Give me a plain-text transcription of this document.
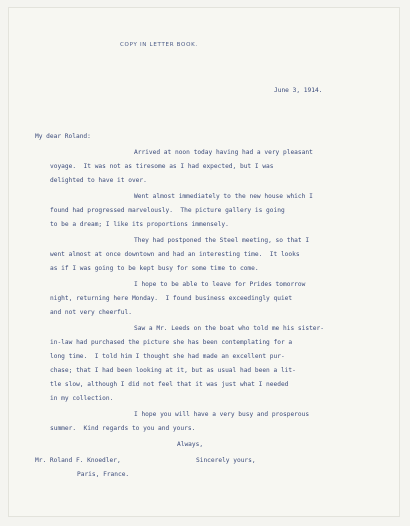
COPY IN LETTER BOOK.
June 3, 1914.
My dear Roland:
Arrived at noon today having had a very pleasant
voyage.  It was not as tiresome as I had expected, but I was
delighted to have it over.
Went almost immediately to the new house which I
found had progressed marvelously.  The picture gallery is going
to be a dream; I like its proportions immensely.
They had postponed the Steel meeting, so that I
went almost at once downtown and had an interesting time.  It looks
as if I was going to be kept busy for some time to come.
I hope to be able to leave for Prides tomorrow
night, returning here Monday.  I found business exceedingly quiet
and not very cheerful.
Saw a Mr. Leeds on the boat who told me his sister-
in-law had purchased the picture she has been contemplating for a
long time.  I told him I thought she had made an excellent pur-
chase; that I had been looking at it, but as usual had been a lit-
tle slow, although I did not feel that it was just what I needed
in my collection.
I hope you will have a very busy and prosperous
summer.  Kind regards to you and yours.
Always,
Mr. Roland F. Knoedler,	Sincerely yours,
Paris, France.
